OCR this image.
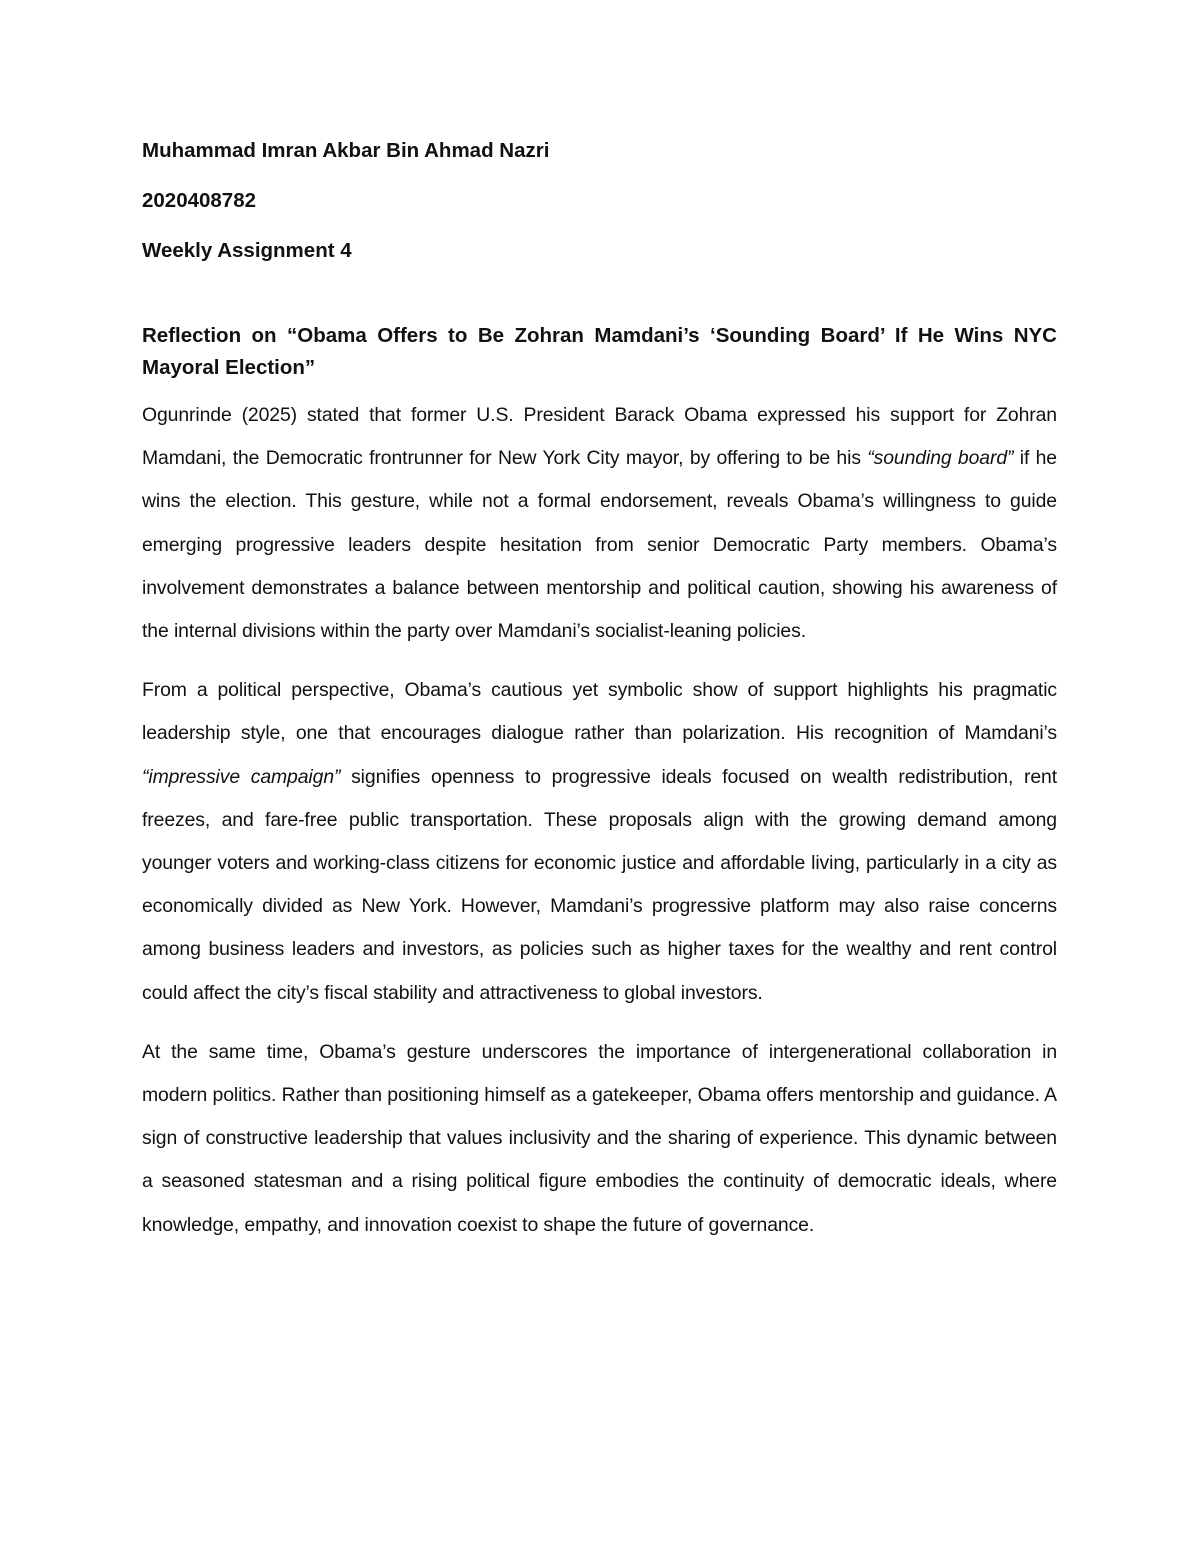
Muhammad Imran Akbar Bin Ahmad Nazri
2020408782
Weekly Assignment 4
Reflection on “Obama Offers to Be Zohran Mamdani’s ‘Sounding Board’ If He Wins NYC Mayoral Election”

Ogunrinde (2025) stated that former U.S. President Barack Obama expressed his support for Zohran Mamdani, the Democratic frontrunner for New York City mayor, by offering to be his “sounding board” if he wins the election. This gesture, while not a formal endorsement, reveals Obama’s willingness to guide emerging progressive leaders despite hesitation from senior Democratic Party members. Obama’s involvement demonstrates a balance between mentorship and political caution, showing his awareness of the internal divisions within the party over Mamdani’s socialist-leaning policies.

From a political perspective, Obama’s cautious yet symbolic show of support highlights his pragmatic leadership style, one that encourages dialogue rather than polarization. His recognition of Mamdani’s “impressive campaign” signifies openness to progressive ideals focused on wealth redistribution, rent freezes, and fare-free public transportation. These proposals align with the growing demand among younger voters and working-class citizens for economic justice and affordable living, particularly in a city as economically divided as New York. However, Mamdani’s progressive platform may also raise concerns among business leaders and investors, as policies such as higher taxes for the wealthy and rent control could affect the city’s fiscal stability and attractiveness to global investors.

At the same time, Obama’s gesture underscores the importance of intergenerational collaboration in modern politics. Rather than positioning himself as a gatekeeper, Obama offers mentorship and guidance. A sign of constructive leadership that values inclusivity and the sharing of experience. This dynamic between a seasoned statesman and a rising political figure embodies the continuity of democratic ideals, where knowledge, empathy, and innovation coexist to shape the future of governance.
